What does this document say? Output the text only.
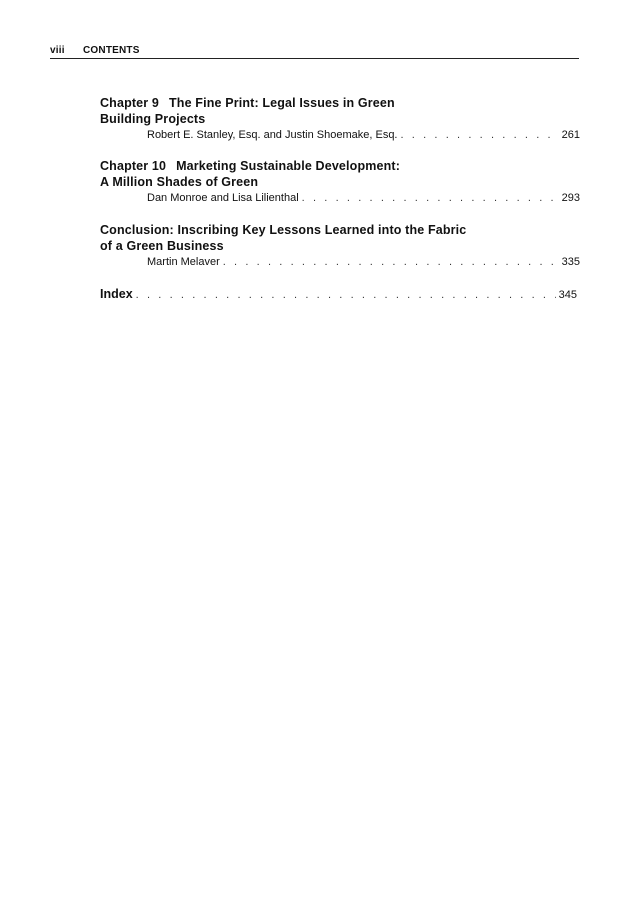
viii CONTENTS
Chapter 9 The Fine Print: Legal Issues in Green
Building Projects
Robert E. Stanley, Esq. and Justin Shoemake, Esq. . . .	261
Chapter 10 Marketing Sustainable Development:
A Million Shades of Green
Dan Monroe and Lisa Lilienthal . . .	293
Conclusion: Inscribing Key Lessons Learned into the Fabric
of a Green Business
Martin Melaver . . .	335
Index . . .	345
